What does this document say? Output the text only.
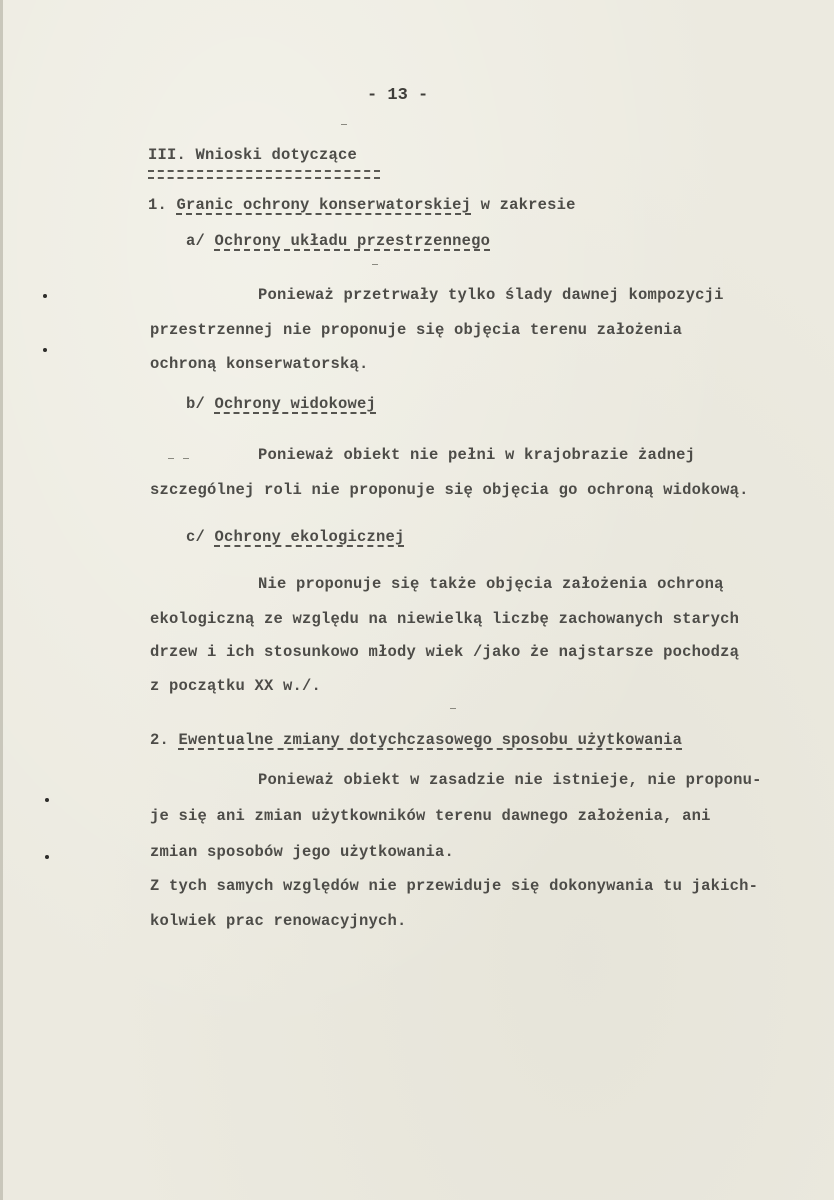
- 13 -
III. Wnioski dotyczące
1. Granic ochrony konserwatorskiej w zakresie
a/ Ochrony układu przestrzennego
Ponieważ przetrwały tylko ślady dawnej kompozycji
przestrzennej nie proponuje się objęcia terenu założenia
ochroną konserwatorską.
b/ Ochrony widokowej
Ponieważ obiekt nie pełni w krajobrazie żadnej
szczególnej roli nie proponuje się objęcia go ochroną widokową.
c/ Ochrony ekologicznej
Nie proponuje się także objęcia założenia ochroną
ekologiczną ze względu na niewielką liczbę zachowanych starych
drzew i ich stosunkowo młody wiek /jako że najstarsze pochodzą
z początku XX w./.
2. Ewentualne zmiany dotychczasowego sposobu użytkowania
Ponieważ obiekt w zasadzie nie istnieje, nie proponu-
je się ani zmian użytkowników terenu dawnego założenia, ani
zmian sposobów jego użytkowania.
Z tych samych względów nie przewiduje się dokonywania tu jakich-
kolwiek prac renowacyjnych.
